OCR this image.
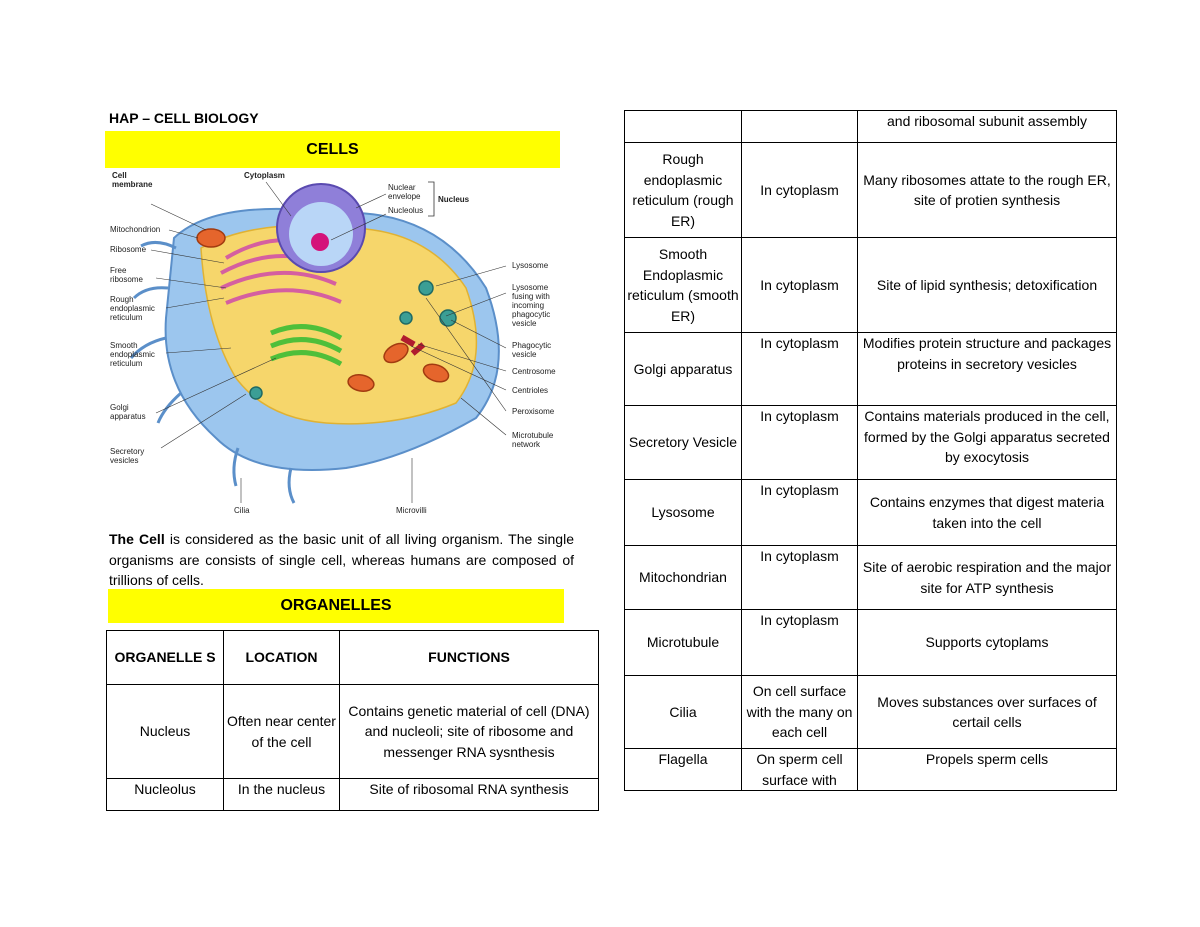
HAP – CELL BIOLOGY
CELLS
Cell
membrane
Cytoplasm
Nuclear
envelope
Nucleolus
Nucleus
Mitochondrion
Ribosome
Free
ribosome
Rough
endoplasmic
reticulum
Smooth
endoplasmic
reticulum
Golgi
apparatus
Secretory
vesicles
Lysosome
Lysosome
fusing with
incoming
phagocytic
vesicle
Phagocytic
vesicle
Centrosome
Centrioles
Peroxisome
Microtubule
network
Cilia	Microvilli
The Cell is considered as the basic unit of all living organism. The single organisms are consists of single cell, whereas humans are composed of trillions of cells.
ORGANELLES
ORGANELLE S	LOCATION	FUNCTIONS
Nucleus	Often near center of the cell	Contains genetic material of cell (DNA) and nucleoli; site of ribosome and messenger RNA sysnthesis
Nucleolus	In the nucleus	Site of ribosomal RNA synthesis
		and ribosomal subunit assembly
Rough endoplasmic reticulum (rough ER)	In cytoplasm	Many ribosomes attate to the rough ER, site of protien synthesis
Smooth Endoplasmic reticulum (smooth ER)	In cytoplasm	Site of lipid synthesis; detoxification
Golgi apparatus	In cytoplasm	Modifies protein structure and packages proteins in secretory vesicles
Secretory Vesicle	In cytoplasm	Contains materials produced in the cell, formed by the Golgi apparatus secreted by exocytosis
Lysosome	In cytoplasm	Contains enzymes that digest materia taken into the cell
Mitochondrian	In cytoplasm	Site of aerobic respiration and the major site for ATP synthesis
Microtubule	In cytoplasm	Supports cytoplams
Cilia	On cell surface with the many on each cell	Moves substances over surfaces of certail cells
Flagella	On sperm cell surface with	Propels sperm cells
